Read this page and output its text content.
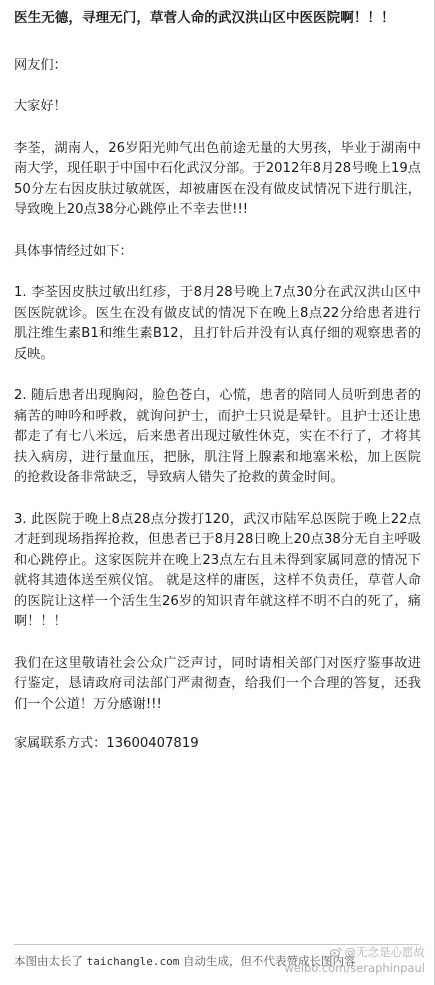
医生无德，寻理无门，草菅人命的武汉洪山区中医医院啊！！！
网友们：
大家好！
李荃，湖南人，26岁阳光帅气出色前途无量的大男孩，毕业于湖南中南大学，现任职于中国中石化武汉分部。于2012年8月28号晚上19点50分左右因皮肤过敏就医，却被庸医在没有做皮试情况下进行肌注，导致晚上20点38分心跳停止不幸去世!!!
具体事情经过如下：
1. 李荃因皮肤过敏出红疹，于8月28号晚上7点30分在武汉洪山区中医医院就诊。医生在没有做皮试的情况下在晚上8点22分给患者进行肌注维生素B1和维生素B12，且打针后并没有认真仔细的观察患者的反映。
2. 随后患者出现胸闷，脸色苍白，心慌，患者的陪同人员听到患者的痛苦的呻吟和呼救，就询问护士，而护士只说是晕针。且护士还让患都走了有七八米远，后来患者出现过敏性休克，实在不行了，才将其扶入病房，进行量血压，把脉，肌注肾上腺素和地塞米松，加上医院的抢救设备非常缺乏，导致病人错失了抢救的黄金时间。
3. 此医院于晚上8点28点分拨打120，武汉市陆军总医院于晚上22点才赶到现场指挥抢救，但患者已于8月28日晚上20点38分无自主呼吸和心跳停止。这家医院并在晚上23点左右且未得到家属同意的情况下就将其遗体送至殡仪馆。 就是这样的庸医，这样不负责任，草菅人命的医院让这样一个活生生26岁的知识青年就这样不明不白的死了，痛啊！！！
我们在这里敬请社会公众广泛声讨，同时请相关部门对医疗鉴事故进行鉴定，恳请政府司法部门严肃彻查，给我们一个合理的答复，还我们一个公道！万分感谢!!!
家属联系方式：13600407819
本图由太长了 taichangle.com 自动生成，但不代表赞成长图内容
@无念是心愿故
weibo.com/seraphinpaul
